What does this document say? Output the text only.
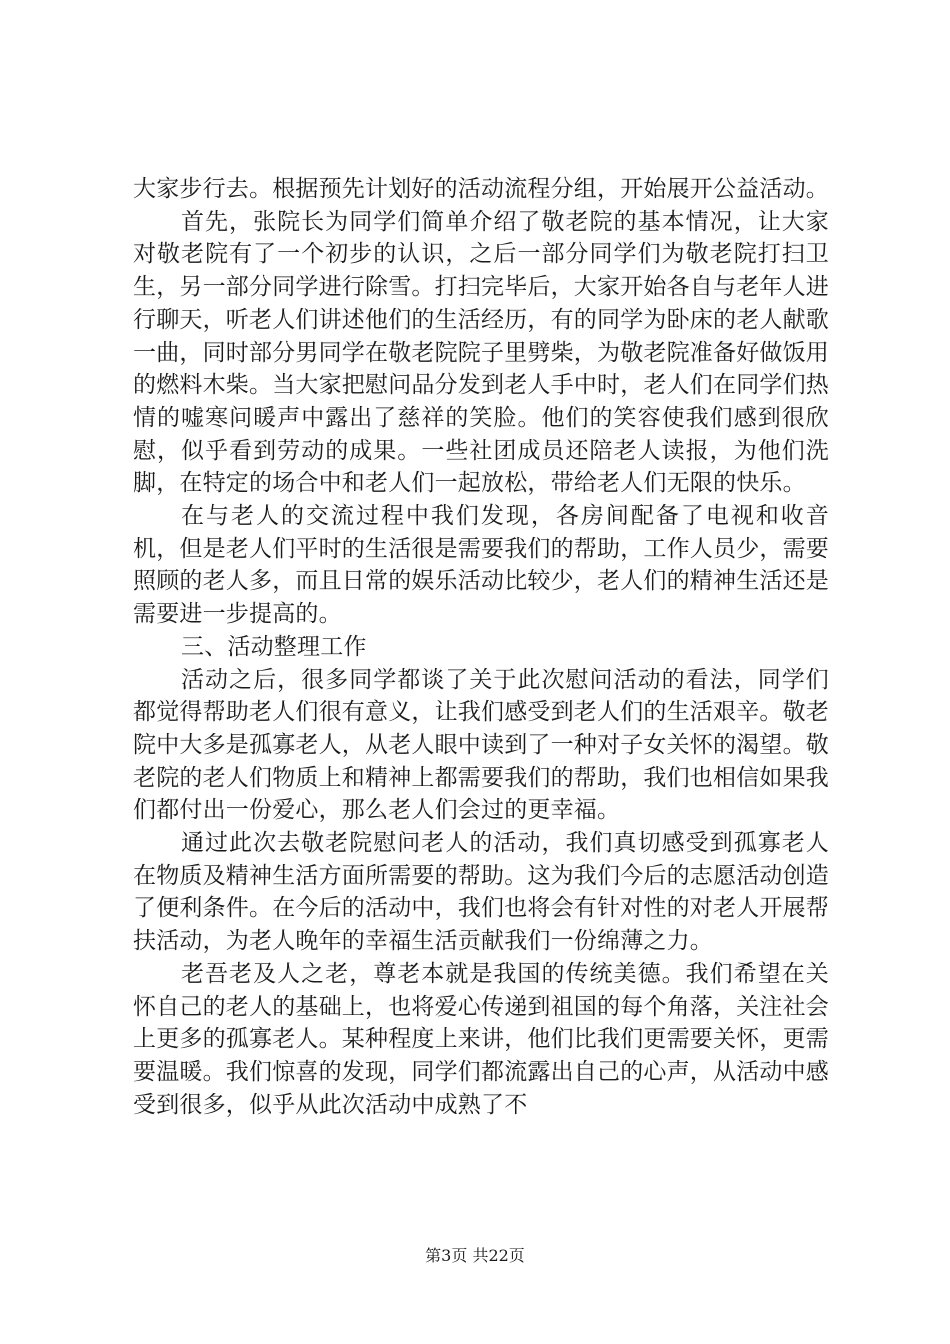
大家步行去。根据预先计划好的活动流程分组，开始展开公益活动。

首先，张院长为同学们简单介绍了敬老院的基本情况，让大家对敬老院有了一个初步的认识，之后一部分同学们为敬老院打扫卫生，另一部分同学进行除雪。打扫完毕后，大家开始各自与老年人进行聊天，听老人们讲述他们的生活经历，有的同学为卧床的老人献歌一曲，同时部分男同学在敬老院院子里劈柴，为敬老院准备好做饭用的燃料木柴。当大家把慰问品分发到老人手中时，老人们在同学们热情的嘘寒问暖声中露出了慈祥的笑脸。他们的笑容使我们感到很欣慰，似乎看到劳动的成果。一些社团成员还陪老人读报，为他们洗脚，在特定的场合中和老人们一起放松，带给老人们无限的快乐。

在与老人的交流过程中我们发现，各房间配备了电视和收音机，但是老人们平时的生活很是需要我们的帮助，工作人员少，需要照顾的老人多，而且日常的娱乐活动比较少，老人们的精神生活还是需要进一步提高的。

三、活动整理工作

活动之后，很多同学都谈了关于此次慰问活动的看法，同学们都觉得帮助老人们很有意义，让我们感受到老人们的生活艰辛。敬老院中大多是孤寡老人，从老人眼中读到了一种对子女关怀的渴望。敬老院的老人们物质上和精神上都需要我们的帮助，我们也相信如果我们都付出一份爱心，那么老人们会过的更幸福。

通过此次去敬老院慰问老人的活动，我们真切感受到孤寡老人在物质及精神生活方面所需要的帮助。这为我们今后的志愿活动创造了便利条件。在今后的活动中，我们也将会有针对性的对老人开展帮扶活动，为老人晚年的幸福生活贡献我们一份绵薄之力。

老吾老及人之老，尊老本就是我国的传统美德。我们希望在关怀自己的老人的基础上，也将爱心传递到祖国的每个角落，关注社会上更多的孤寡老人。某种程度上来讲，他们比我们更需要关怀，更需要温暖。我们惊喜的发现，同学们都流露出自己的心声，从活动中感受到很多，似乎从此次活动中成熟了不

第3页 共22页
